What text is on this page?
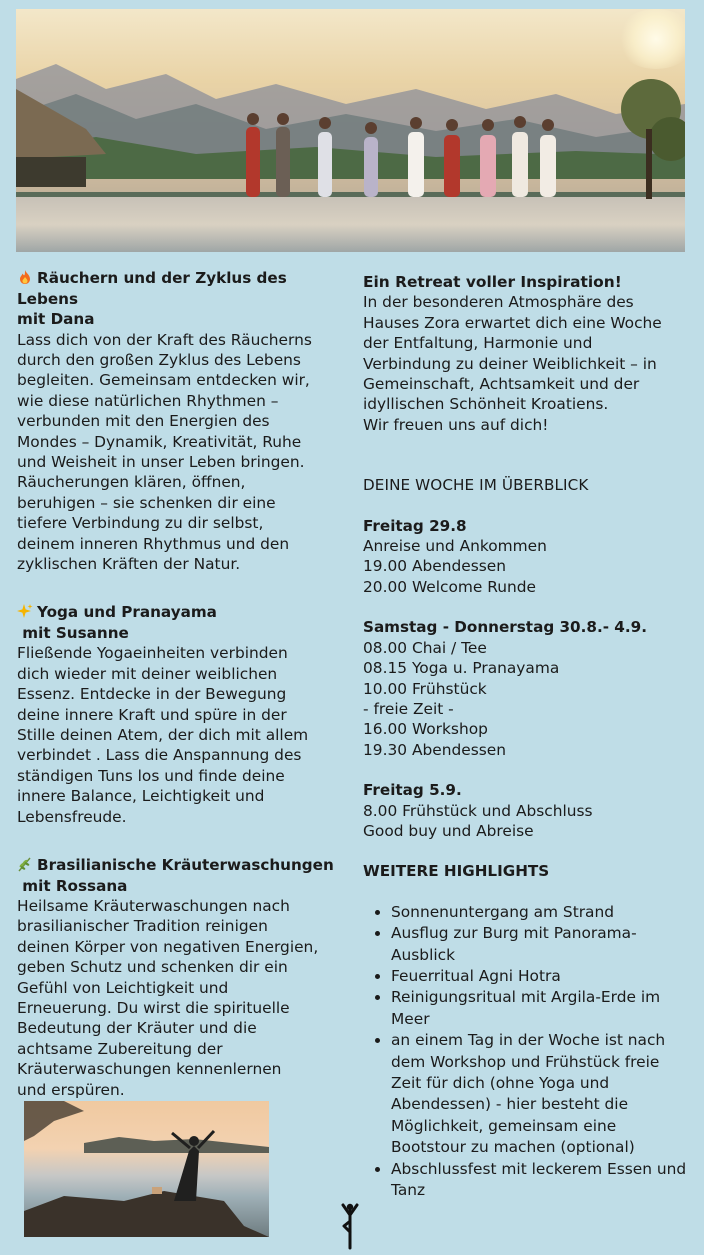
Räuchern und der Zyklus des
Lebens
mit Dana
Lass dich von der Kraft des Räucherns
durch den großen Zyklus des Lebens
begleiten. Gemeinsam entdecken wir,
wie diese natürlichen Rhythmen –
verbunden mit den Energien des
Mondes – Dynamik, Kreativität, Ruhe
und Weisheit in unser Leben bringen.
Räucherungen klären, öffnen,
beruhigen – sie schenken dir eine
tiefere Verbindung zu dir selbst,
deinem inneren Rhythmus und den
zyklischen Kräften der Natur.
Yoga und Pranayama
mit Susanne
Fließende Yogaeinheiten verbinden
dich wieder mit deiner weiblichen
Essenz. Entdecke in der Bewegung
deine innere Kraft und spüre in der
Stille deinen Atem, der dich mit allem
verbindet . Lass die Anspannung des
ständigen Tuns los und finde deine
innere Balance, Leichtigkeit und
Lebensfreude.
Brasilianische Kräuterwaschungen
mit Rossana
Heilsame Kräuterwaschungen nach
brasilianischer Tradition reinigen
deinen Körper von negativen Energien,
geben Schutz und schenken dir ein
Gefühl von Leichtigkeit und
Erneuerung. Du wirst die spirituelle
Bedeutung der Kräuter und die
achtsame Zubereitung der
Kräuterwaschungen kennenlernen
und erspüren.
Ein Retreat voller Inspiration!
In der besonderen Atmosphäre des
Hauses Zora erwartet dich eine Woche
der Entfaltung, Harmonie und
Verbindung zu deiner Weiblichkeit – in
Gemeinschaft, Achtsamkeit und der
idyllischen Schönheit Kroatiens.
Wir freuen uns auf dich!
DEINE WOCHE IM ÜBERBLICK
Freitag 29.8
Anreise und Ankommen
19.00 Abendessen
20.00 Welcome Runde
Samstag - Donnerstag 30.8.- 4.9.
08.00 Chai / Tee
08.15 Yoga u. Pranayama
10.00 Frühstück
- freie Zeit -
16.00 Workshop
19.30 Abendessen
Freitag 5.9.
8.00 Frühstück und Abschluss
Good buy und Abreise
WEITERE HIGHLIGHTS
• Sonnenuntergang am Strand
• Ausflug zur Burg mit Panorama-Ausblick
• Feuerritual Agni Hotra
• Reinigungsritual mit Argila-Erde im Meer
• an einem Tag in der Woche ist nach dem Workshop und Frühstück freie Zeit für dich (ohne Yoga und Abendessen) - hier besteht die Möglichkeit, gemeinsam eine Bootstour zu machen (optional)
• Abschlussfest mit leckerem Essen und Tanz
